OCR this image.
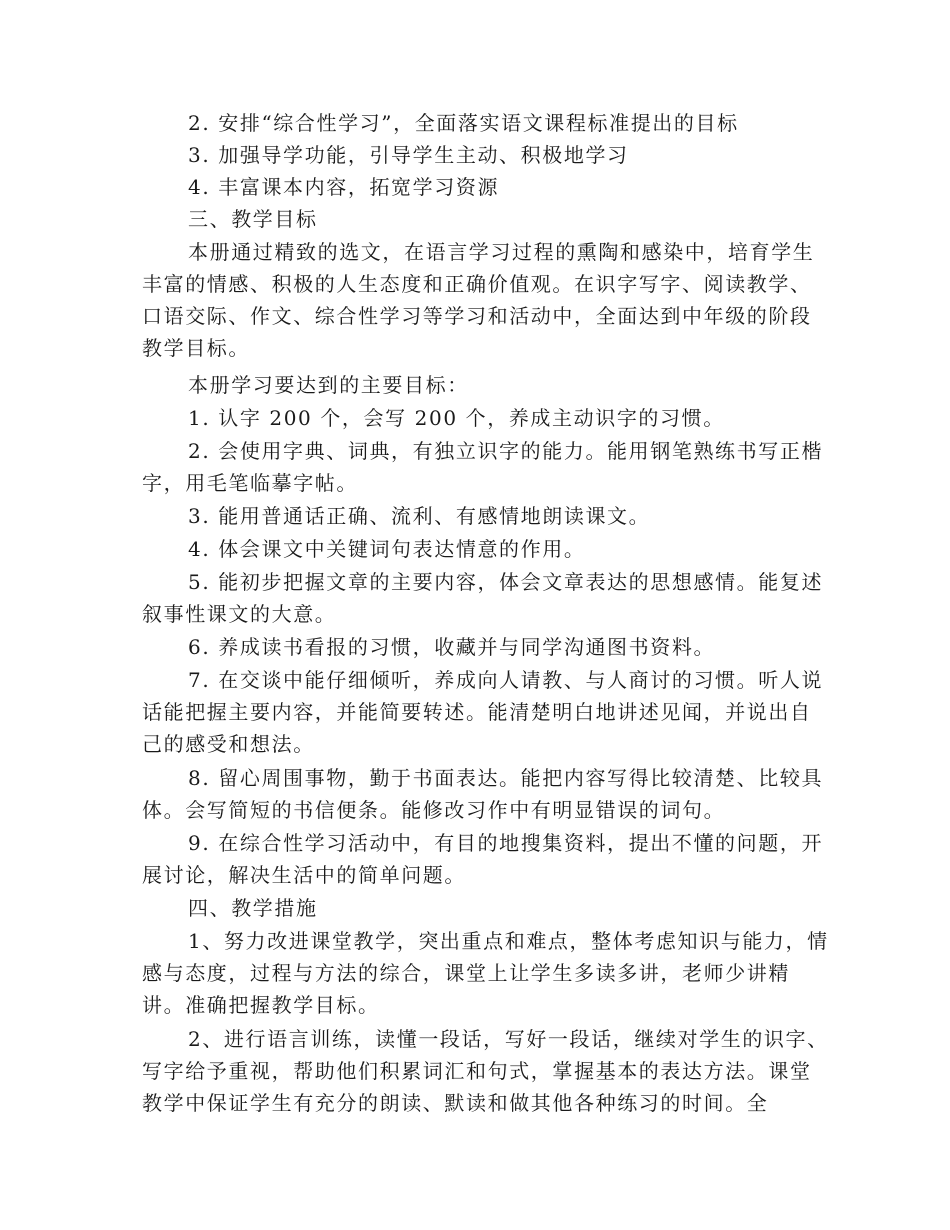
2. 安排“综合性学习”，全面落实语文课程标准提出的目标

3. 加强导学功能，引导学生主动、积极地学习

4. 丰富课本内容，拓宽学习资源

三、教学目标

本册通过精致的选文，在语言学习过程的熏陶和感染中，培育学生丰富的情感、积极的人生态度和正确价值观。在识字写字、阅读教学、口语交际、作文、综合性学习等学习和活动中，全面达到中年级的阶段教学目标。

本册学习要达到的主要目标：

1. 认字 200 个，会写 200 个，养成主动识字的习惯。

2. 会使用字典、词典，有独立识字的能力。能用钢笔熟练书写正楷字，用毛笔临摹字帖。

3. 能用普通话正确、流利、有感情地朗读课文。

4. 体会课文中关键词句表达情意的作用。

5. 能初步把握文章的主要内容，体会文章表达的思想感情。能复述叙事性课文的大意。

6. 养成读书看报的习惯，收藏并与同学沟通图书资料。

7. 在交谈中能仔细倾听，养成向人请教、与人商讨的习惯。听人说话能把握主要内容，并能简要转述。能清楚明白地讲述见闻，并说出自己的感受和想法。

8. 留心周围事物，勤于书面表达。能把内容写得比较清楚、比较具体。会写简短的书信便条。能修改习作中有明显错误的词句。

9. 在综合性学习活动中，有目的地搜集资料，提出不懂的问题，开展讨论，解决生活中的简单问题。

四、教学措施

1、努力改进课堂教学，突出重点和难点，整体考虑知识与能力，情感与态度，过程与方法的综合，课堂上让学生多读多讲，老师少讲精讲。准确把握教学目标。

2、进行语言训练，读懂一段话，写好一段话，继续对学生的识字、写字给予重视，帮助他们积累词汇和句式，掌握基本的表达方法。课堂教学中保证学生有充分的朗读、默读和做其他各种练习的时间。全
